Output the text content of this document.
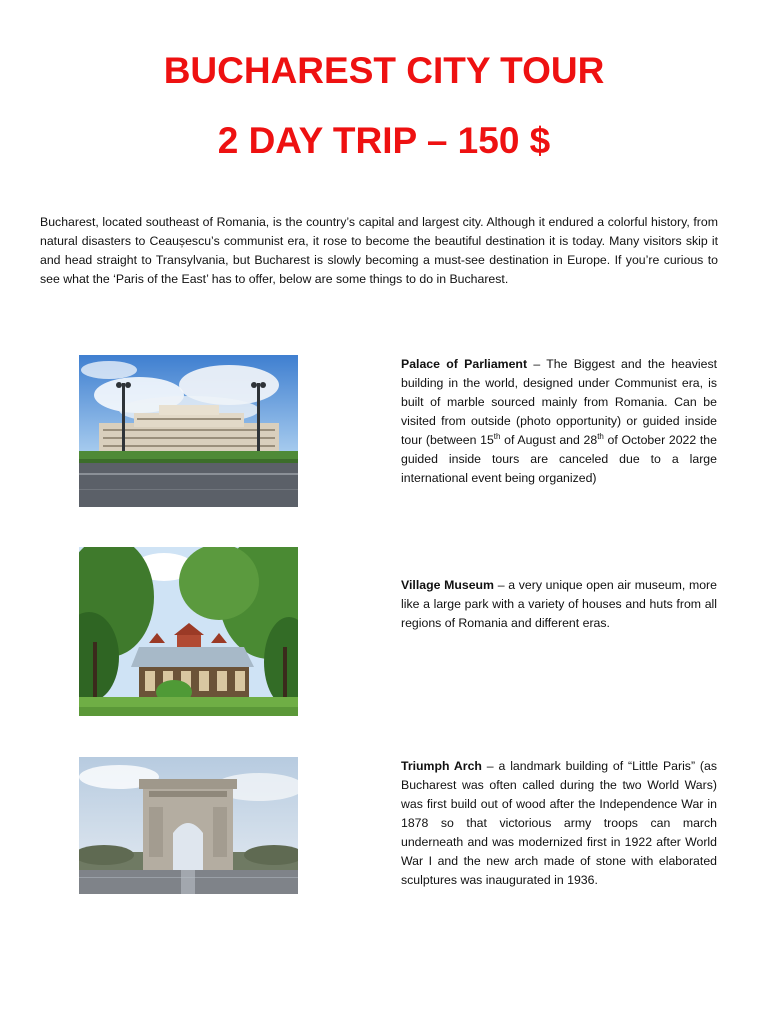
BUCHAREST CITY TOUR
2 DAY TRIP – 150 $

Bucharest, located southeast of Romania, is the country’s capital and largest city. Although it endured a colorful history, from natural disasters to Ceaușescu’s communist era, it rose to become the beautiful destination it is today. Many visitors skip it and head straight to Transylvania, but Bucharest is slowly becoming a must-see destination in Europe. If you’re curious to see what the ‘Paris of the East’ has to offer, below are some things to do in Bucharest.

Palace of Parliament – The Biggest and the heaviest building in the world, designed under Communist era, is built of marble sourced mainly from Romania. Can be visited from outside (photo opportunity) or guided inside tour (between 15th of August and 28th of October 2022 the guided inside tours are canceled due to a large international event being organized)

Village Museum – a very unique open air museum, more like a large park with a variety of houses and huts from all regions of Romania and different eras.

Triumph Arch – a landmark building of “Little Paris” (as Bucharest was often called during the two World Wars) was first build out of wood after the Independence War in 1878 so that victorious army troops can march underneath and was modernized first in 1922 after World War I and the new arch made of stone with elaborated sculptures was inaugurated in 1936.
